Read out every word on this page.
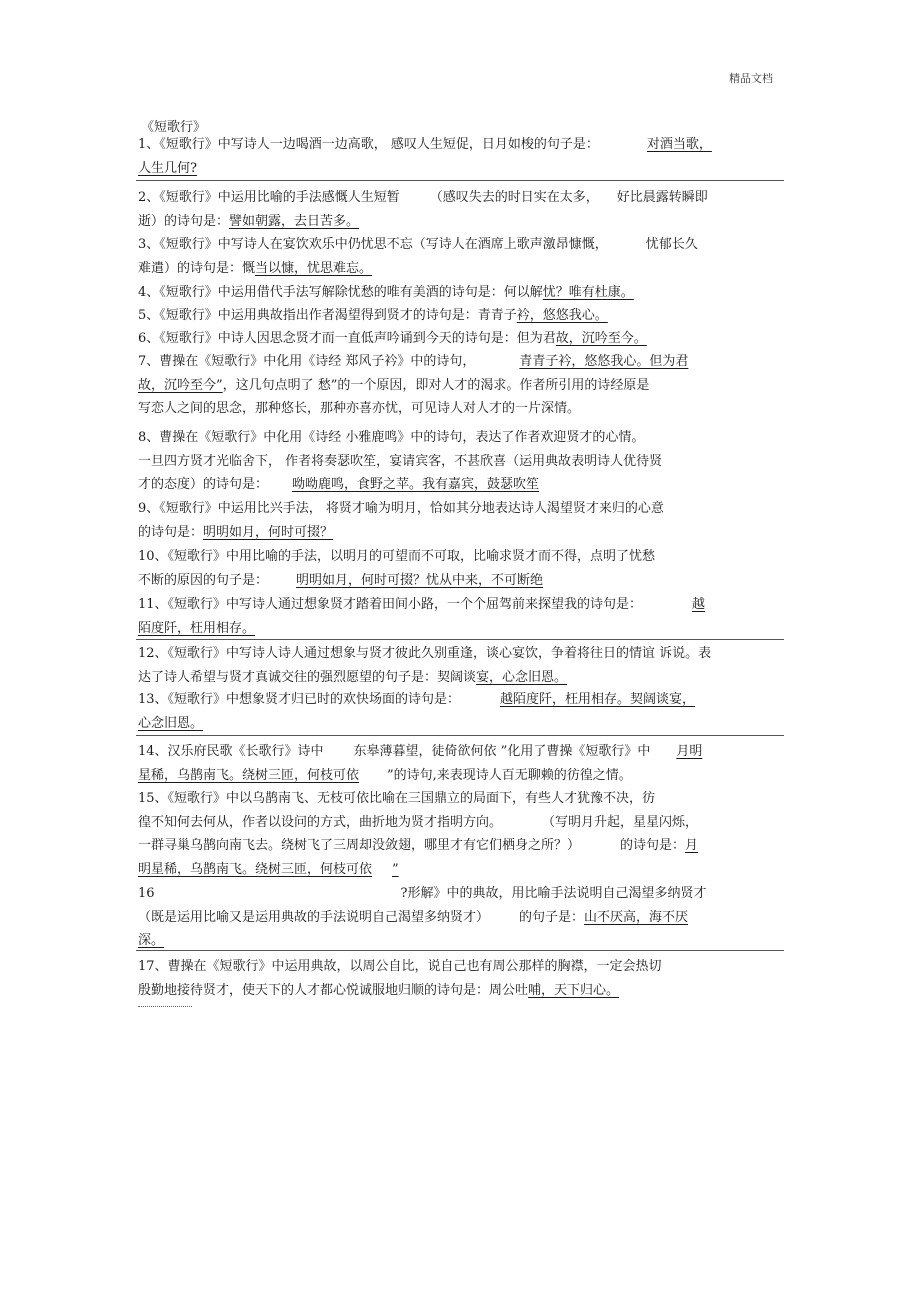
精品文档
《短歌行》
1、《短歌行》中写诗人一边喝酒一边高歌， 感叹人生短促，日月如梭的句子是：	对酒当歌，
人生几何?
2、《短歌行》中运用比喻的手法感慨人生短暂 （感叹失去的时日实在太多， 好比晨露转瞬即
逝）的诗句是：譬如朝露，去日苦多。
3、《短歌行》中写诗人在宴饮欢乐中仍忧思不忘（写诗人在酒席上歌声激昂慷慨，	忧郁长久
难遣）的诗句是：慨当以慷，忧思难忘。
4、《短歌行》中运用借代手法写解除忧愁的唯有美酒的诗句是：何以解忧？唯有杜康。
5、《短歌行》中运用典故指出作者渴望得到贤才的诗句是：青青子衿，悠悠我心。
6、《短歌行》中诗人因思念贤才而一直低声吟诵到今天的诗句是：但为君故，沉吟至今。
7、曹操在《短歌行》中化用《诗经 郑风子衿》中的诗句，	青青子衿，悠悠我心。但为君
故，沉吟至今”，这几句点明了 愁”的一个原因，即对人才的渴求。作者所引用的诗经原是
写恋人之间的思念，那种悠长，那种亦喜亦忧，可见诗人对人才的一片深情。
8、曹操在《短歌行》中化用《诗经 小雅鹿鸣》中的诗句，表达了作者欢迎贤才的心情。
一旦四方贤才光临舍下， 作者将奏瑟吹笙，宴请宾客，不甚欣喜（运用典故表明诗人优待贤
才的态度）的诗句是： 呦呦鹿鸣，食野之苹。我有嘉宾，鼓瑟吹笙
9、《短歌行》中运用比兴手法， 将贤才喻为明月，恰如其分地表达诗人渴望贤才来归的心意
的诗句是：明明如月，何时可掇？
10、《短歌行》中用比喻的手法，以明月的可望而不可取，比喻求贤才而不得，点明了忧愁
不断的原因的句子是： 明明如月，何时可掇？忧从中来，不可断绝
11、《短歌行》中写诗人通过想象贤才踏着田间小路，一个个屈驾前来探望我的诗句是：	越
陌度阡，枉用相存。
12、《短歌行》中写诗人诗人通过想象与贤才彼此久别重逢，谈心宴饮，争着将往日的情谊 诉说。表
达了诗人希望与贤才真诚交往的强烈愿望的句子是：契阔谈宴，心念旧恩。
13、《短歌行》中想象贤才归已时的欢快场面的诗句是：	越陌度阡，枉用相存。契阔谈宴，
心念旧恩。
14、汉乐府民歌《长歌行》诗中 东皋薄暮望，徒倚欲何依 ”化用了曹操《短歌行》中 月明
星稀，乌鹊南飞。绕树三匝，何枝可依 ”的诗句,来表现诗人百无聊赖的彷徨之情。
15、《短歌行》中以乌鹊南飞、无枝可依比喻在三国鼎立的局面下，有些人才犹豫不决，彷
徨不知何去何从，作者以设问的方式，曲折地为贤才指明方向。	（写明月升起，星星闪烁，
一群寻巢乌鹊向南飞去。绕树飞了三周却没敛翅，哪里才有它们栖身之所？）	的诗句是：月
明星稀，乌鹊南飞。绕树三匝，何枝可依 ”
16	?形解》中的典故，用比喻手法说明自己渴望多纳贤才
（既是运用比喻又是运用典故的手法说明自己渴望多纳贤才） 的句子是：山不厌高，海不厌
深。
17、曹操在《短歌行》中运用典故，以周公自比，说自己也有周公那样的胸襟，一定会热切
殷勤地接待贤才，使天下的人才都心悦诚服地归顺的诗句是：周公吐哺，天下归心。
